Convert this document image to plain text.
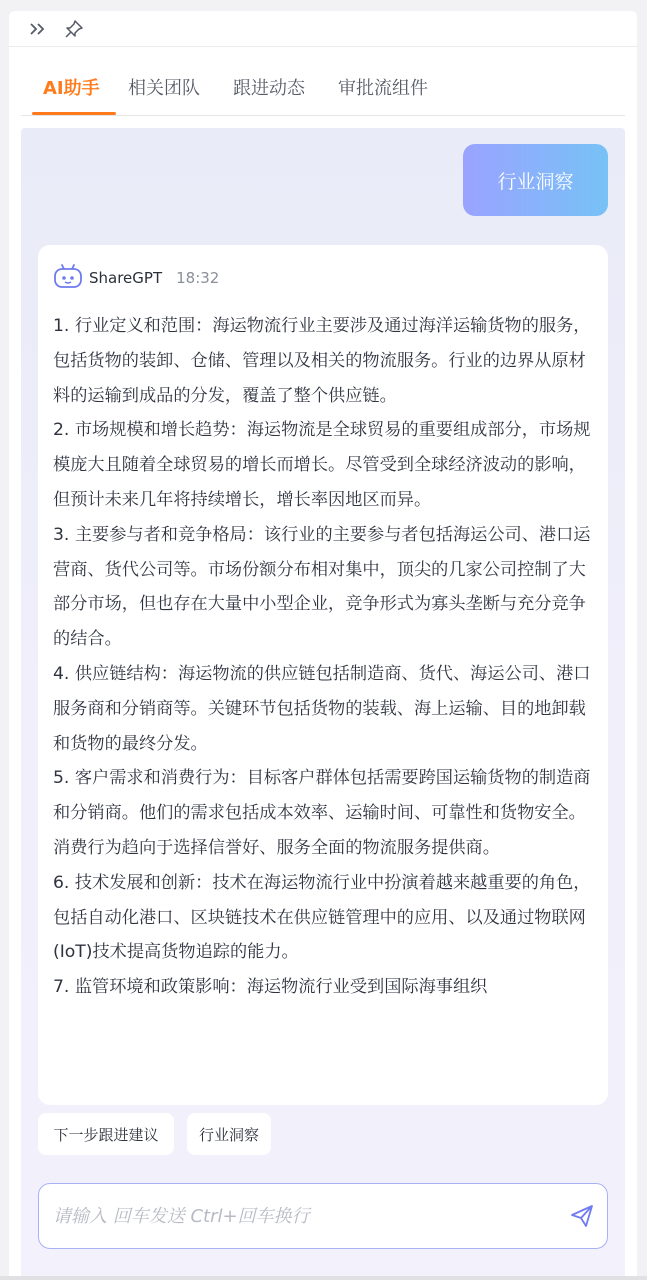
AI助手 相关团队 跟进动态 审批流组件
行业洞察
ShareGPT 18:32

1. 行业定义和范围：海运物流行业主要涉及通过海洋运输货物的服务，包括货物的装卸、仓储、管理以及相关的物流服务。行业的边界从原材料的运输到成品的分发，覆盖了整个供应链。

2. 市场规模和增长趋势：海运物流是全球贸易的重要组成部分，市场规模庞大且随着全球贸易的增长而增长。尽管受到全球经济波动的影响，但预计未来几年将持续增长，增长率因地区而异。

3. 主要参与者和竞争格局：该行业的主要参与者包括海运公司、港口运营商、货代公司等。市场份额分布相对集中，顶尖的几家公司控制了大部分市场，但也存在大量中小型企业，竞争形式为寡头垄断与充分竞争的结合。

4. 供应链结构：海运物流的供应链包括制造商、货代、海运公司、港口服务商和分销商等。关键环节包括货物的装载、海上运输、目的地卸载和货物的最终分发。

5. 客户需求和消费行为：目标客户群体包括需要跨国运输货物的制造商和分销商。他们的需求包括成本效率、运输时间、可靠性和货物安全。消费行为趋向于选择信誉好、服务全面的物流服务提供商。

6. 技术发展和创新：技术在海运物流行业中扮演着越来越重要的角色，包括自动化港口、区块链技术在供应链管理中的应用、以及通过物联网(IoT)技术提高货物追踪的能力。

7. 监管环境和政策影响：海运物流行业受到国际海事组织

下一步跟进建议	行业洞察
请输入 回车发送 Ctrl+回车换行
